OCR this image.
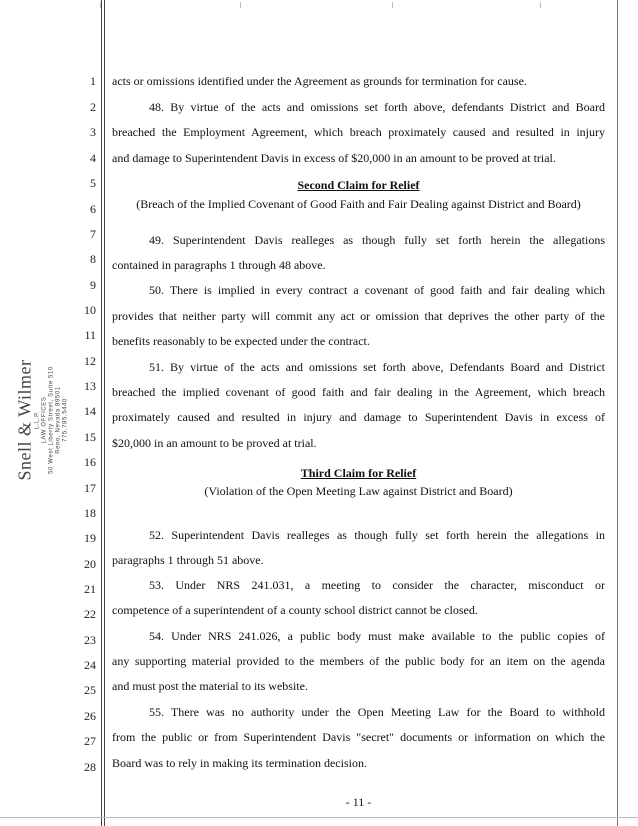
Snell & Wilmer L.L.P. LAW OFFICES 50 West Liberty Street, Suite 510 Reno, Nevada 89501 775.785.5440
1
2
3
4
5
6
7
8
9
10
11
12
13
14
15
16
17
18
19
20
21
22
23
24
25
26
27
28
acts or omissions identified under the Agreement as grounds for termination for cause.
48. By virtue of the acts and omissions set forth above, defendants District and Board
breached the Employment Agreement, which breach proximately caused and resulted in injury
and damage to Superintendent Davis in excess of $20,000 in an amount to be proved at trial.
Second Claim for Relief
(Breach of the Implied Covenant of Good Faith and Fair Dealing against District and Board)
49. Superintendent Davis realleges as though fully set forth herein the allegations
contained in paragraphs 1 through 48 above.
50. There is implied in every contract a covenant of good faith and fair dealing which
provides that neither party will commit any act or omission that deprives the other party of the
benefits reasonably to be expected under the contract.
51. By virtue of the acts and omissions set forth above, Defendants Board and District
breached the implied covenant of good faith and fair dealing in the Agreement, which breach
proximately caused and resulted in injury and damage to Superintendent Davis in excess of
$20,000 in an amount to be proved at trial.
Third Claim for Relief
(Violation of the Open Meeting Law against District and Board)
52. Superintendent Davis realleges as though fully set forth herein the allegations in
paragraphs 1 through 51 above.
53. Under NRS 241.031, a meeting to consider the character, misconduct or
competence of a superintendent of a county school district cannot be closed.
54. Under NRS 241.026, a public body must make available to the public copies of
any supporting material provided to the members of the public body for an item on the agenda
and must post the material to its website.
55. There was no authority under the Open Meeting Law for the Board to withhold
from the public or from Superintendent Davis "secret" documents or information on which the
Board was to rely in making its termination decision.
- 11 -
